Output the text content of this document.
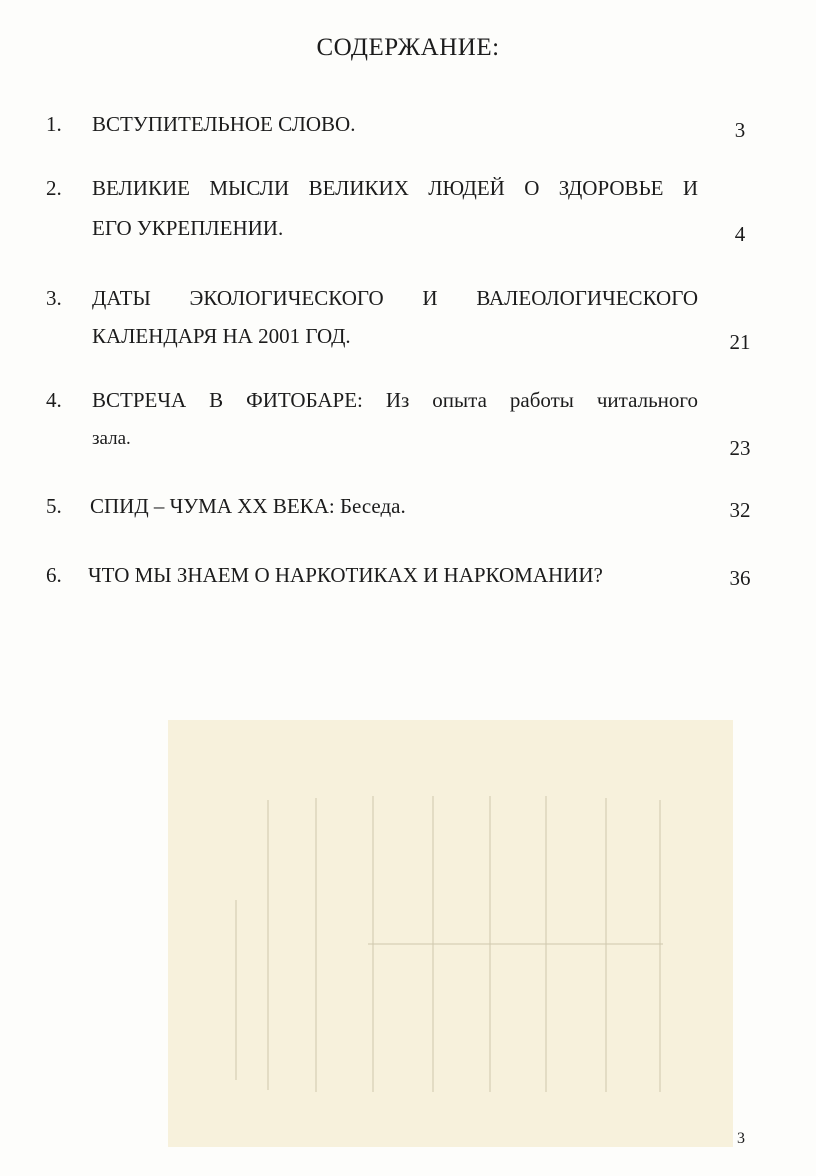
СОДЕРЖАНИЕ:
1. ВСТУПИТЕЛЬНОЕ СЛОВО.	3
2. ВЕЛИКИЕ МЫСЛИ ВЕЛИКИХ ЛЮДЕЙ О ЗДОРОВЬЕ И
ЕГО УКРЕПЛЕНИИ.	4
3. ДАТЫ ЭКОЛОГИЧЕСКОГО И ВАЛЕОЛОГИЧЕСКОГО
КАЛЕНДАРЯ НА 2001 ГОД.	21
4. ВСТРЕЧА В ФИТОБАРЕ: Из опыта работы читального
зала.	23
5. СПИД – ЧУМА XX ВЕКА: Беседа.	32
6. ЧТО МЫ ЗНАЕМ О НАРКОТИКАХ И НАРКОМАНИИ?	36
3
